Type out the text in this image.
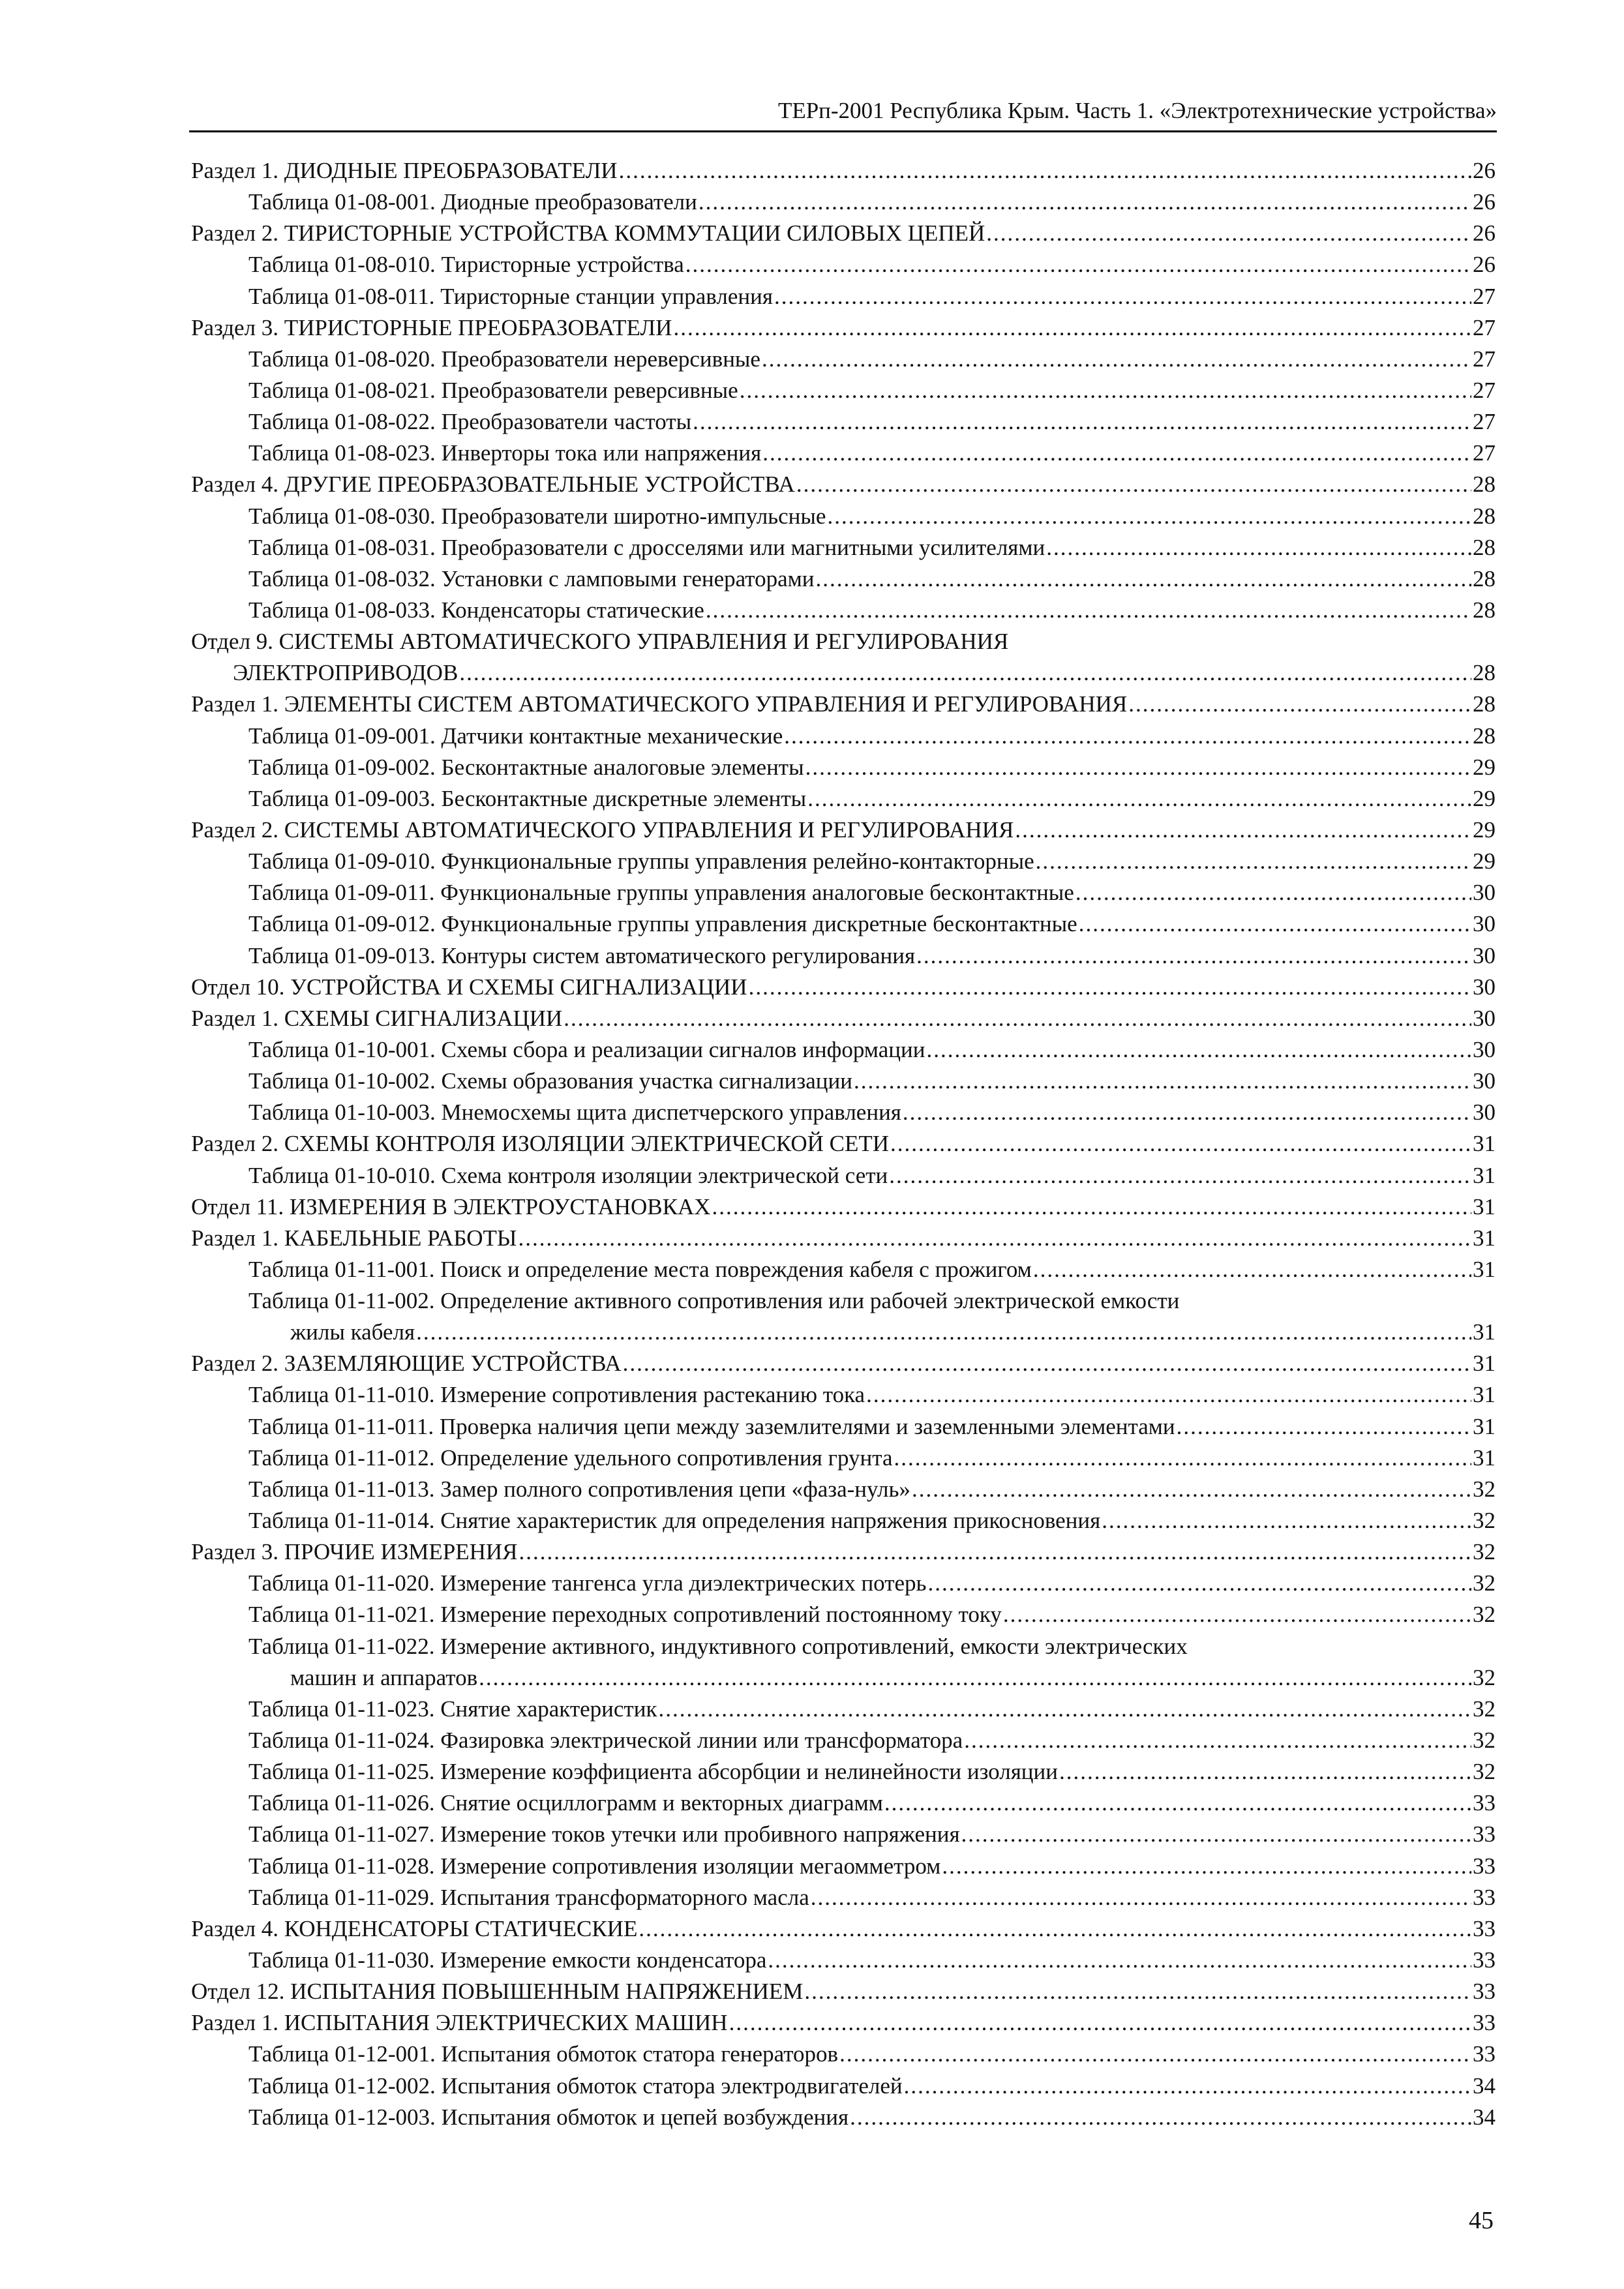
ТЕРп-2001 Республика Крым. Часть 1. «Электротехнические устройства»
Раздел 1. ДИОДНЫЕ ПРЕОБРАЗОВАТЕЛИ .....	26
Таблица 01-08-001. Диодные преобразователи .....	26
Раздел 2. ТИРИСТОРНЫЕ УСТРОЙСТВА КОММУТАЦИИ СИЛОВЫХ ЦЕПЕЙ .....	26
Таблица 01-08-010. Тиристорные устройства .....	26
Таблица 01-08-011. Тиристорные станции управления .....	27
Раздел 3. ТИРИСТОРНЫЕ ПРЕОБРАЗОВАТЕЛИ .....	27
Таблица 01-08-020. Преобразователи нереверсивные .....	27
Таблица 01-08-021. Преобразователи реверсивные .....	27
Таблица 01-08-022. Преобразователи частоты .....	27
Таблица 01-08-023. Инверторы тока или напряжения .....	27
Раздел 4. ДРУГИЕ ПРЕОБРАЗОВАТЕЛЬНЫЕ УСТРОЙСТВА .....	28
Таблица 01-08-030. Преобразователи широтно-импульсные .....	28
Таблица 01-08-031. Преобразователи с дросселями или магнитными усилителями .....	28
Таблица 01-08-032. Установки с ламповыми генераторами .....	28
Таблица 01-08-033. Конденсаторы статические .....	28
Отдел 9. СИСТЕМЫ АВТОМАТИЧЕСКОГО УПРАВЛЕНИЯ И РЕГУЛИРОВАНИЯ
ЭЛЕКТРОПРИВОДОВ .....	28
Раздел 1. ЭЛЕМЕНТЫ СИСТЕМ АВТОМАТИЧЕСКОГО УПРАВЛЕНИЯ И РЕГУЛИРОВАНИЯ .....	28
Таблица 01-09-001. Датчики контактные механические .....	28
Таблица 01-09-002. Бесконтактные аналоговые элементы .....	29
Таблица 01-09-003. Бесконтактные дискретные элементы .....	29
Раздел 2. СИСТЕМЫ АВТОМАТИЧЕСКОГО УПРАВЛЕНИЯ И РЕГУЛИРОВАНИЯ .....	29
Таблица 01-09-010. Функциональные группы управления релейно-контакторные .....	29
Таблица 01-09-011. Функциональные группы управления аналоговые бесконтактные .....	30
Таблица 01-09-012. Функциональные группы управления дискретные бесконтактные .....	30
Таблица 01-09-013. Контуры систем автоматического регулирования .....	30
Отдел 10. УСТРОЙСТВА И СХЕМЫ СИГНАЛИЗАЦИИ .....	30
Раздел 1. СХЕМЫ СИГНАЛИЗАЦИИ .....	30
Таблица 01-10-001. Схемы сбора и реализации сигналов информации .....	30
Таблица 01-10-002. Схемы образования участка сигнализации .....	30
Таблица 01-10-003. Мнемосхемы щита диспетчерского управления .....	30
Раздел 2. СХЕМЫ КОНТРОЛЯ ИЗОЛЯЦИИ ЭЛЕКТРИЧЕСКОЙ СЕТИ .....	31
Таблица 01-10-010. Схема контроля изоляции электрической сети .....	31
Отдел 11. ИЗМЕРЕНИЯ В ЭЛЕКТРОУСТАНОВКАХ .....	31
Раздел 1. КАБЕЛЬНЫЕ РАБОТЫ .....	31
Таблица 01-11-001. Поиск и определение места повреждения кабеля с прожигом .....	31
Таблица 01-11-002. Определение активного сопротивления или рабочей электрической емкости
жилы кабеля .....	31
Раздел 2. ЗАЗЕМЛЯЮЩИЕ УСТРОЙСТВА .....	31
Таблица 01-11-010. Измерение сопротивления растеканию тока .....	31
Таблица 01-11-011. Проверка наличия цепи между заземлителями и заземленными элементами .....	31
Таблица 01-11-012. Определение удельного сопротивления грунта .....	31
Таблица 01-11-013. Замер полного сопротивления цепи «фаза-нуль» .....	32
Таблица 01-11-014. Снятие характеристик для определения напряжения прикосновения .....	32
Раздел 3. ПРОЧИЕ ИЗМЕРЕНИЯ .....	32
Таблица 01-11-020. Измерение тангенса угла диэлектрических потерь .....	32
Таблица 01-11-021. Измерение переходных сопротивлений постоянному току .....	32
Таблица 01-11-022. Измерение активного, индуктивного сопротивлений, емкости электрических
машин и аппаратов .....	32
Таблица 01-11-023. Снятие характеристик .....	32
Таблица 01-11-024. Фазировка электрической линии или трансформатора .....	32
Таблица 01-11-025. Измерение коэффициента абсорбции и нелинейности изоляции .....	32
Таблица 01-11-026. Снятие осциллограмм и векторных диаграмм .....	33
Таблица 01-11-027. Измерение токов утечки или пробивного напряжения .....	33
Таблица 01-11-028. Измерение сопротивления изоляции мегаомметром .....	33
Таблица 01-11-029. Испытания трансформаторного масла .....	33
Раздел 4. КОНДЕНСАТОРЫ СТАТИЧЕСКИЕ .....	33
Таблица 01-11-030. Измерение емкости конденсатора .....	33
Отдел 12. ИСПЫТАНИЯ ПОВЫШЕННЫМ НАПРЯЖЕНИЕМ .....	33
Раздел 1. ИСПЫТАНИЯ ЭЛЕКТРИЧЕСКИХ МАШИН .....	33
Таблица 01-12-001. Испытания обмоток статора генераторов .....	33
Таблица 01-12-002. Испытания обмоток статора электродвигателей .....	34
Таблица 01-12-003. Испытания обмоток и цепей возбуждения .....	34
45
